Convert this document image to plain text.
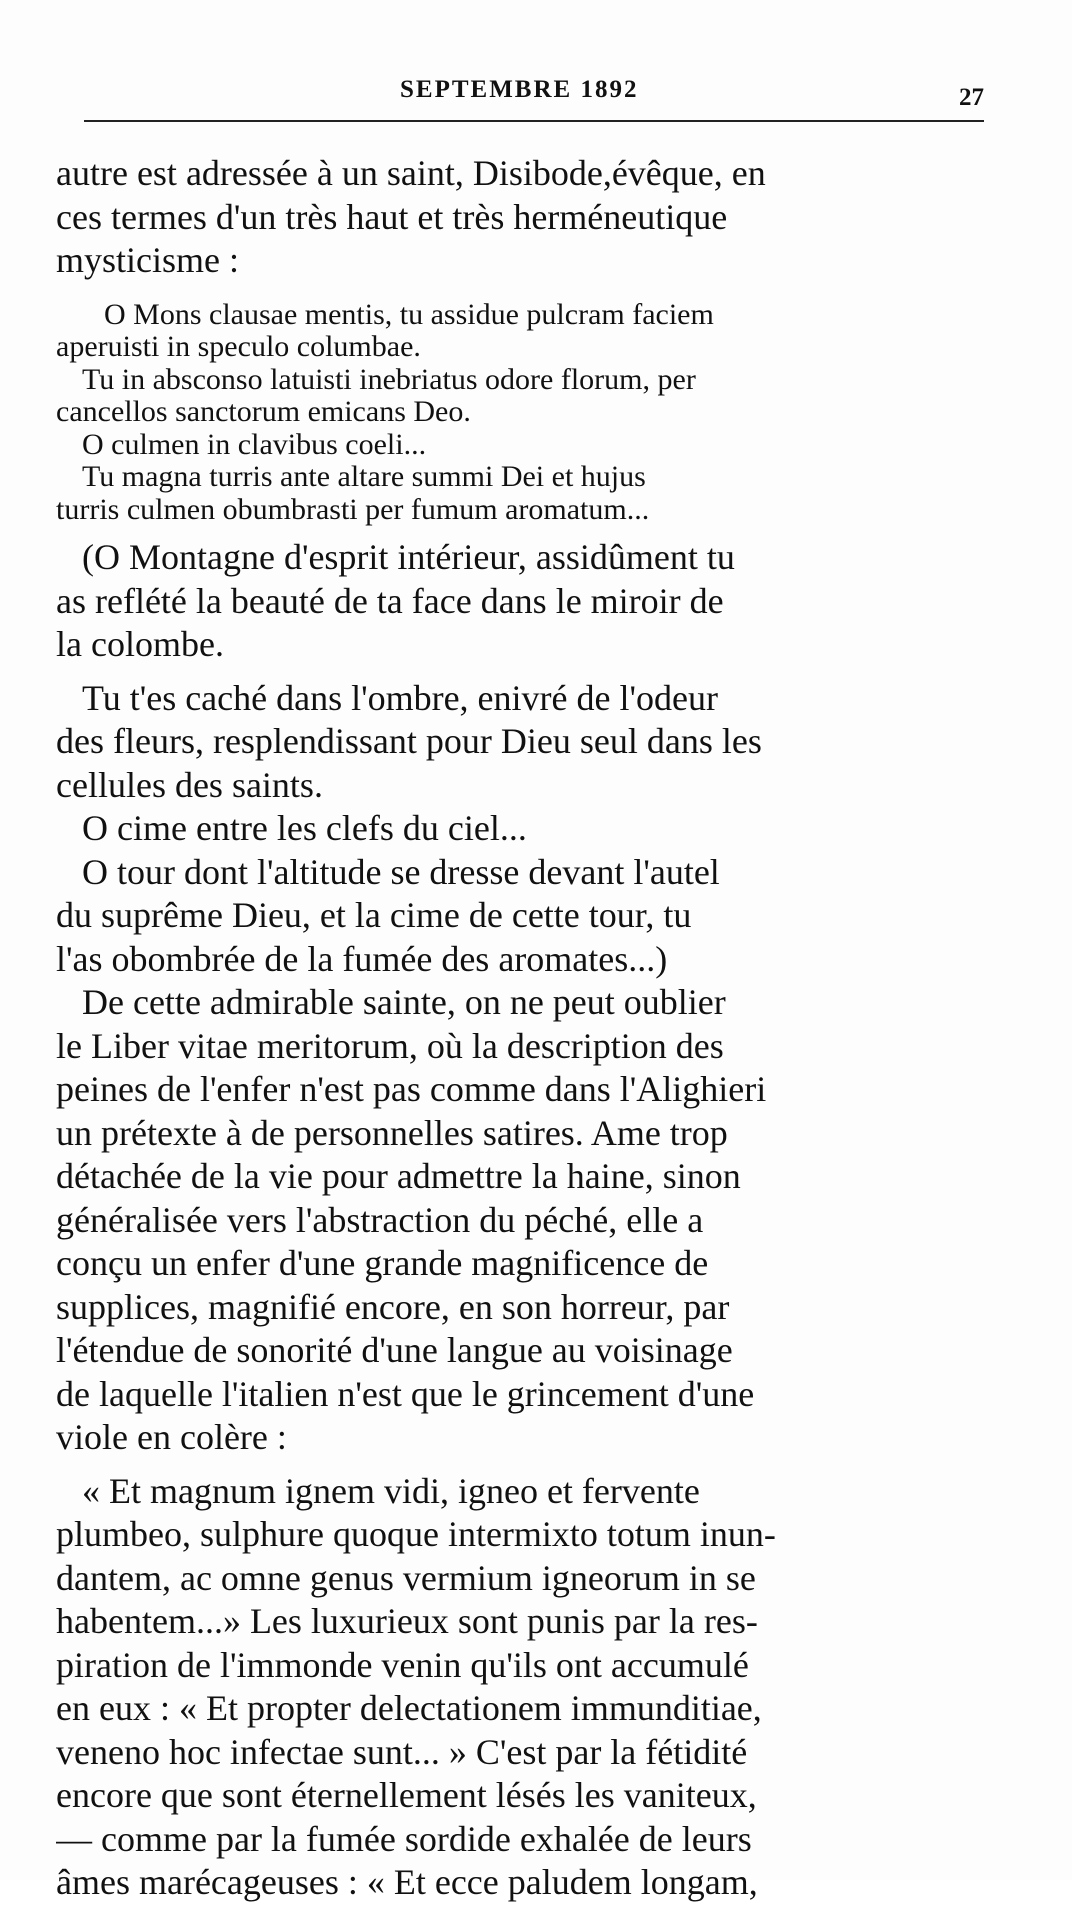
SEPTEMBRE 1892	27
autre est adressée à un saint, Disibode,évêque, en
ces termes d'un très haut et très herméneutique
mysticisme :
O Mons clausae mentis, tu assidue pulcram faciem
aperuisti in speculo columbae.
Tu in absconso latuisti inebriatus odore florum, per
cancellos sanctorum emicans Deo.
O culmen in clavibus coeli...
Tu magna turris ante altare summi Dei et hujus
turris culmen obumbrasti per fumum aromatum...
(O Montagne d'esprit intérieur, assidûment tu
as reflété la beauté de ta face dans le miroir de
la colombe.
Tu t'es caché dans l'ombre, enivré de l'odeur
des fleurs, resplendissant pour Dieu seul dans les
cellules des saints.
O cime entre les clefs du ciel...
O tour dont l'altitude se dresse devant l'autel
du suprême Dieu, et la cime de cette tour, tu
l'as obombrée de la fumée des aromates...)
De cette admirable sainte, on ne peut oublier
le Liber vitae meritorum, où la description des
peines de l'enfer n'est pas comme dans l'Alighieri
un prétexte à de personnelles satires. Ame trop
détachée de la vie pour admettre la haine, sinon
généralisée vers l'abstraction du péché, elle a
conçu un enfer d'une grande magnificence de
supplices, magnifié encore, en son horreur, par
l'étendue de sonorité d'une langue au voisinage
de laquelle l'italien n'est que le grincement d'une
viole en colère :
« Et magnum ignem vidi, igneo et fervente
plumbeo, sulphure quoque intermixto totum inun-
dantem, ac omne genus vermium igneorum in se
habentem...» Les luxurieux sont punis par la res-
piration de l'immonde venin qu'ils ont accumulé
en eux : « Et propter delectationem immunditiae,
veneno hoc infectae sunt... » C'est par la fétidité
encore que sont éternellement lésés les vaniteux,
— comme par la fumée sordide exhalée de leurs
âmes marécageuses : « Et ecce paludem longam,
